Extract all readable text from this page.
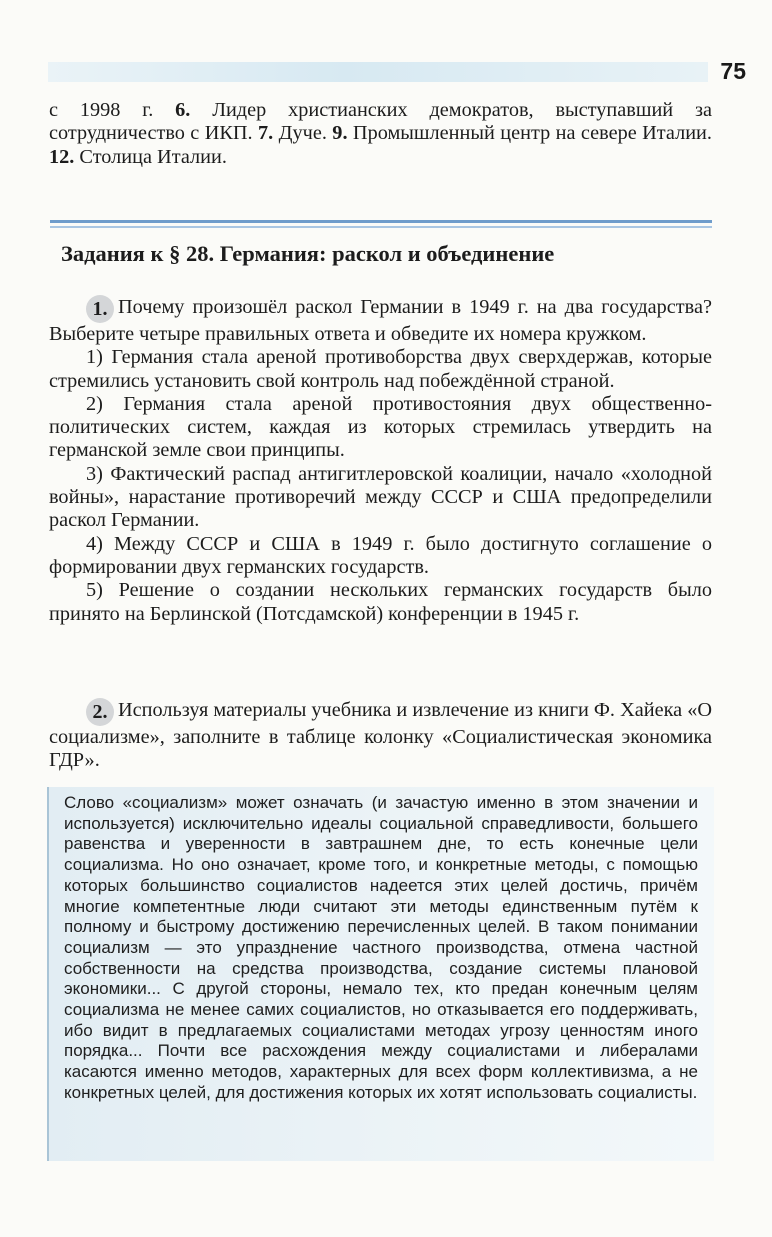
75

с 1998 г. 6. Лидер христианских демократов, выступавший за сотрудничество с ИКП. 7. Дуче. 9. Промышленный центр на севере Италии. 12. Столица Италии.

Задания к § 28. Германия: раскол и объединение

1. Почему произошёл раскол Германии в 1949 г. на два государства? Выберите четыре правильных ответа и обведите их номера кружком.

1) Германия стала ареной противоборства двух сверхдержав, которые стремились установить свой контроль над побеждённой страной.

2) Германия стала ареной противостояния двух общественно-политических систем, каждая из которых стремилась утвердить на германской земле свои принципы.

3) Фактический распад антигитлеровской коалиции, начало «холодной войны», нарастание противоречий между СССР и США предопределили раскол Германии.

4) Между СССР и США в 1949 г. было достигнуто соглашение о формировании двух германских государств.

5) Решение о создании нескольких германских государств было принято на Берлинской (Потсдамской) конференции в 1945 г.

2. Используя материалы учебника и извлечение из книги Ф. Хайека «О социализме», заполните в таблице колонку «Социалистическая экономика ГДР».

Слово «социализм» может означать (и зачастую именно в этом значении и используется) исключительно идеалы социальной справедливости, большего равенства и уверенности в завтрашнем дне, то есть конечные цели социализма. Но оно означает, кроме того, и конкретные методы, с помощью которых большинство социалистов надеется этих целей достичь, причём многие компетентные люди считают эти методы единственным путём к полному и быстрому достижению перечисленных целей. В таком понимании социализм — это упразднение частного производства, отмена частной собственности на средства производства, создание системы плановой экономики... С другой стороны, немало тех, кто предан конечным целям социализма не менее самих социалистов, но отказывается его поддерживать, ибо видит в предлагаемых социалистами методах угрозу ценностям иного порядка... Почти все расхождения между социалистами и либералами касаются именно методов, характерных для всех форм коллективизма, а не конкретных целей, для достижения которых их хотят использовать социалисты.
